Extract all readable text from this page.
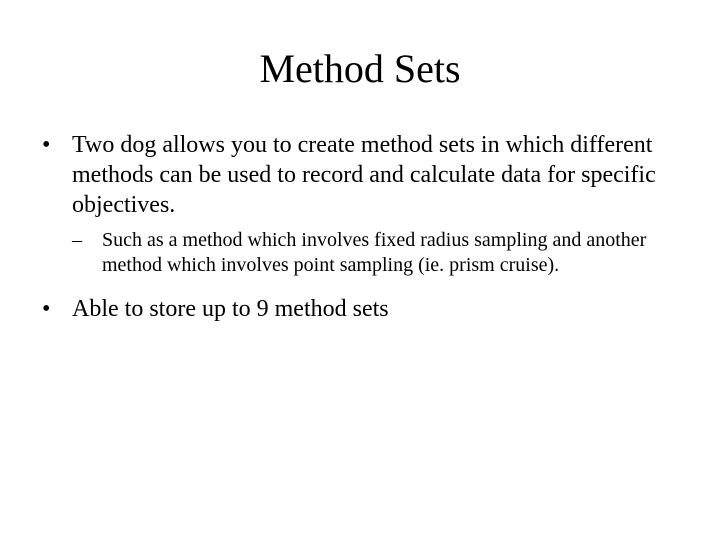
Method Sets
• Two dog allows you to create method sets in which different methods can be used to record and calculate data for specific objectives.
–	Such as a method which involves fixed radius sampling and another method which involves point sampling (ie. prism cruise).
• Able to store up to 9 method sets
